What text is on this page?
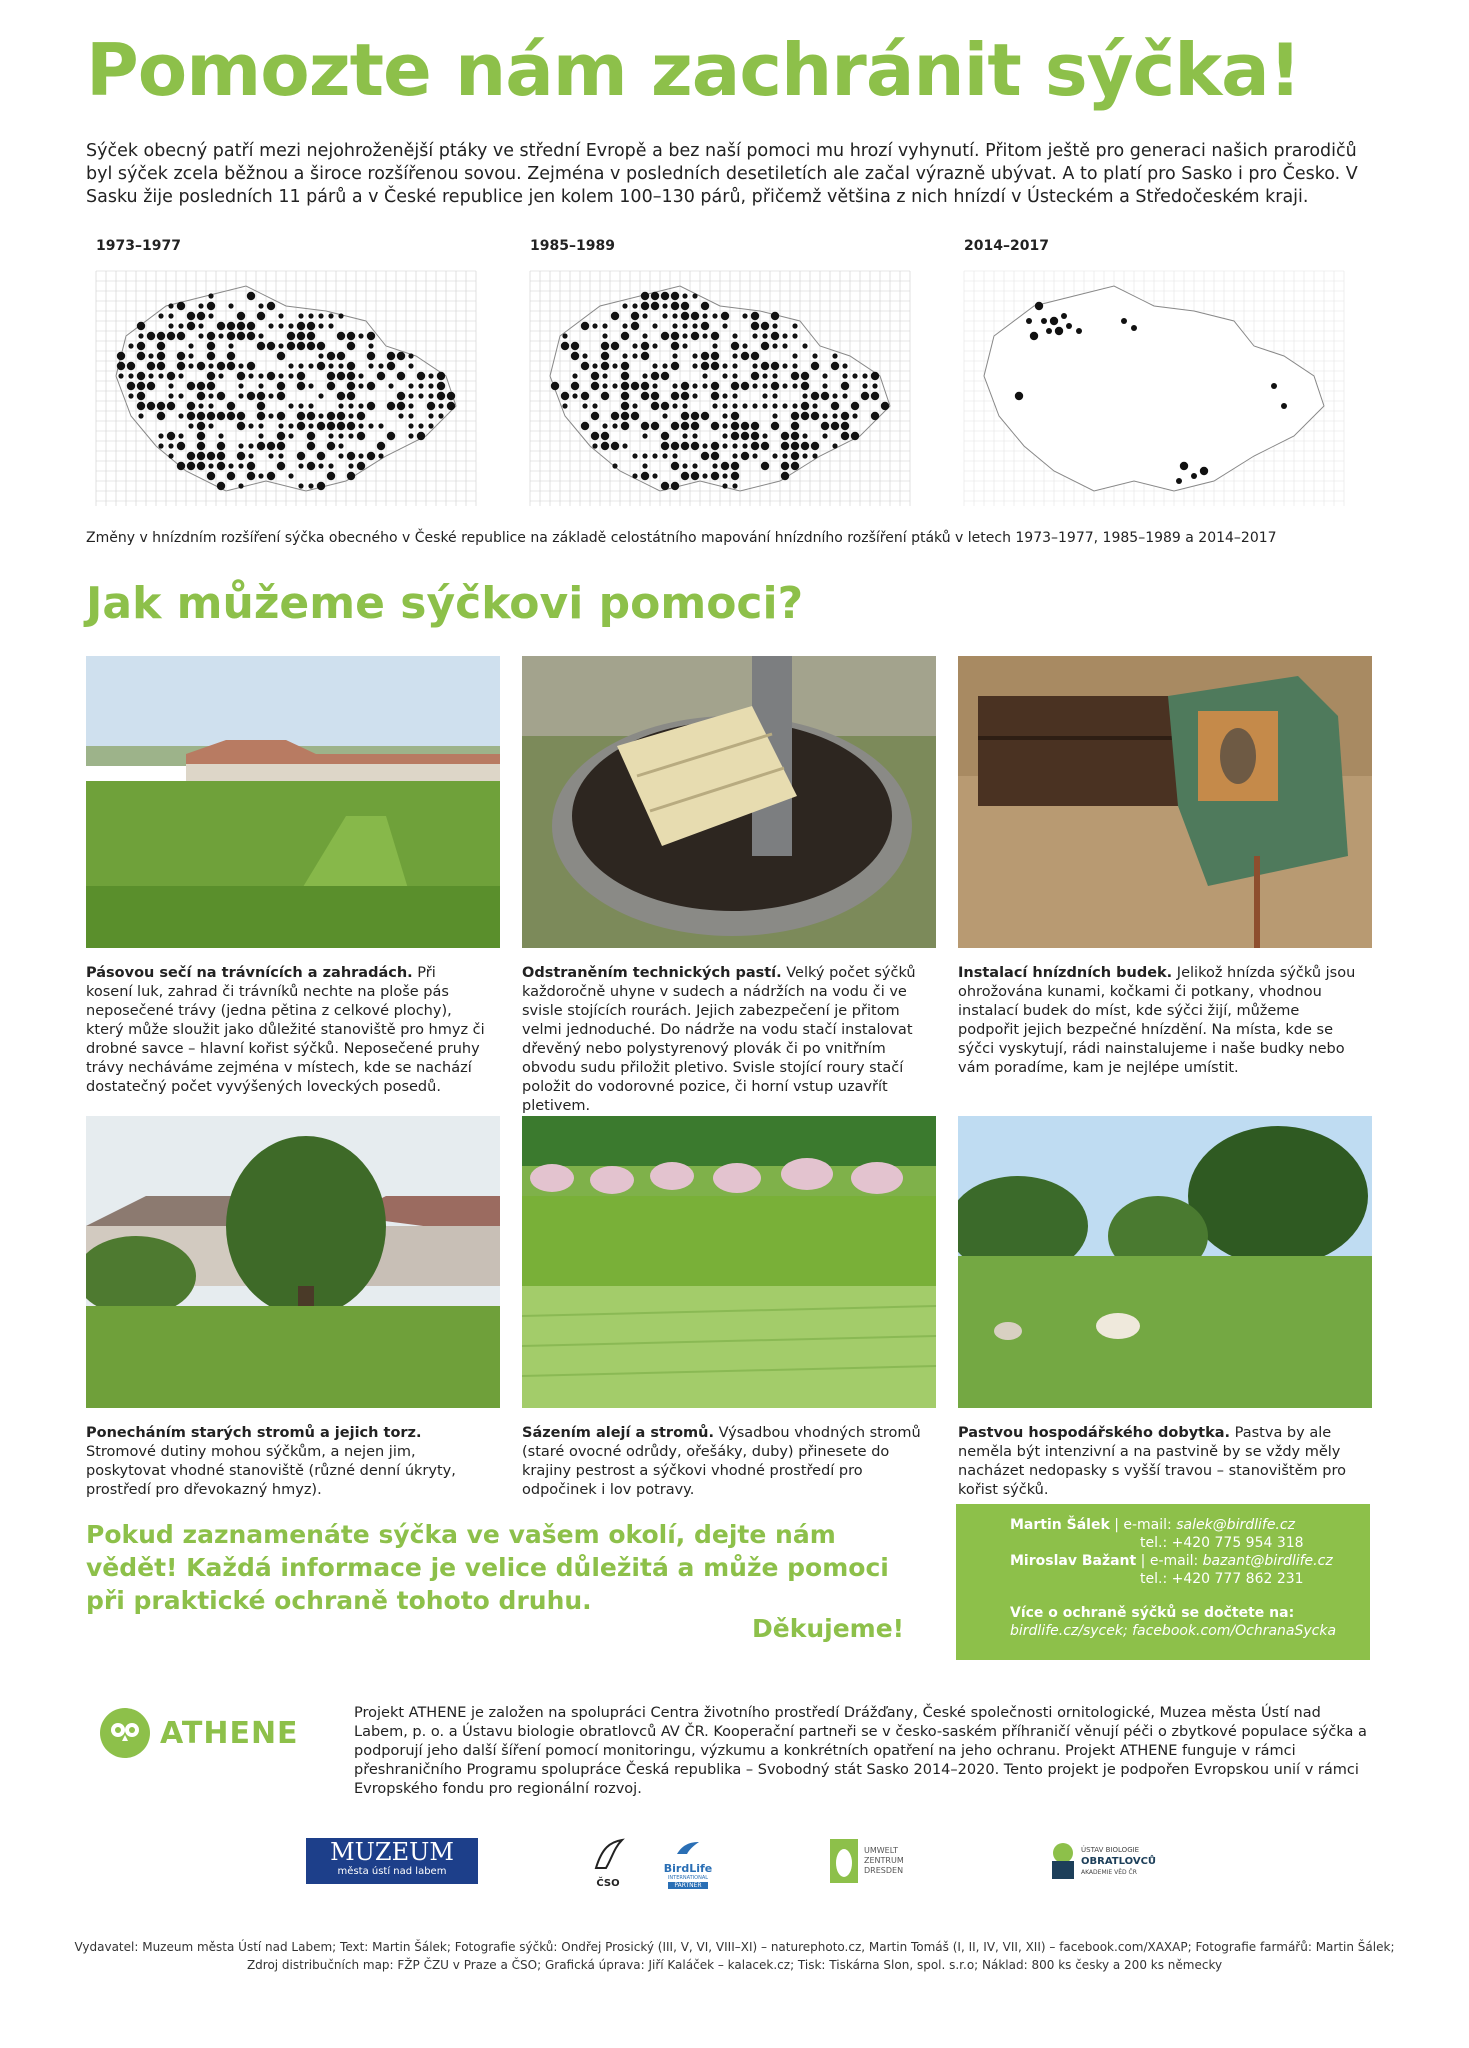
Pomozte nám zachránit sýčka!
Sýček obecný patří mezi nejohroženější ptáky ve střední Evropě a bez naší pomoci mu hrozí vyhynutí. Přitom ještě pro generaci našich prarodičů byl sýček zcela běžnou a široce rozšířenou sovou. Zejména v posledních desetiletích ale začal výrazně ubývat. A to platí pro Sasko i pro Česko. V Sasku žije posledních 11 párů a v České republice jen kolem 100–130 párů, přičemž většina z nich hnízdí v Ústeckém a Středočeském kraji.
1973–1977	1985–1989	2014–2017
Změny v hnízdním rozšíření sýčka obecného v České republice na základě celostátního mapování hnízdního rozšíření ptáků v letech 1973–1977, 1985–1989 a 2014–2017
Jak můžeme sýčkovi pomoci?
Pásovou sečí na trávnících a zahradách. Při kosení luk, zahrad či trávníků nechte na ploše pás neposečené trávy (jedna pětina z celkové plochy), který může sloužit jako důležité stanoviště pro hmyz či drobné savce – hlavní kořist sýčků. Neposečené pruhy trávy necháváme zejména v místech, kde se nachází dostatečný počet vyvýšených loveckých posedů.
Odstraněním technických pastí. Velký počet sýčků každoročně uhyne v sudech a nádržích na vodu či ve svisle stojících rourách. Jejich zabezpečení je přitom velmi jednoduché. Do nádrže na vodu stačí instalovat dřevěný nebo polystyrenový plovák či po vnitřním obvodu sudu přiložit pletivo. Svisle stojící roury stačí položit do vodorovné pozice, či horní vstup uzavřít pletivem.
Instalací hnízdních budek. Jelikož hnízda sýčků jsou ohrožována kunami, kočkami či potkany, vhodnou instalací budek do míst, kde sýčci žijí, můžeme podpořit jejich bezpečné hnízdění. Na místa, kde se sýčci vyskytují, rádi nainstalujeme i naše budky nebo vám poradíme, kam je nejlépe umístit.
Ponecháním starých stromů a jejich torz. Stromové dutiny mohou sýčkům, a nejen jim, poskytovat vhodné stanoviště (různé denní úkryty, prostředí pro dřevokazný hmyz).
Sázením alejí a stromů. Výsadbou vhodných stromů (staré ovocné odrůdy, ořešáky, duby) přinesete do krajiny pestrost a sýčkovi vhodné prostředí pro odpočinek i lov potravy.
Pastvou hospodářského dobytka. Pastva by ale neměla být intenzivní a na pastvině by se vždy měly nacházet nedopasky s vyšší travou – stanovištěm pro kořist sýčků.
Pokud zaznamenáte sýčka ve vašem okolí, dejte nám vědět! Každá informace je velice důležitá a může pomoci při praktické ochraně tohoto druhu.
Děkujeme!
Martin Šálek | e-mail: salek@birdlife.cz
tel.: +420 775 954 318
Miroslav Bažant | e-mail: bazant@birdlife.cz
tel.: +420 777 862 231
Více o ochraně sýčků se dočtete na:
birdlife.cz/sycek; facebook.com/OchranaSycka
ATHENE
Projekt ATHENE je založen na spolupráci Centra životního prostředí Drážďany, České společnosti ornitologické, Muzea města Ústí nad Labem, p. o. a Ústavu biologie obratlovců AV ČR. Kooperační partneři se v česko-saském příhraničí věnují péči o zbytkové populace sýčka a podporují jeho další šíření pomocí monitoringu, výzkumu a konkrétních opatření na jeho ochranu. Projekt ATHENE funguje v rámci přeshraničního Programu spolupráce Česká republika – Svobodný stát Sasko 2014–2020. Tento projekt je podpořen Evropskou unií v rámci Evropského fondu pro regionální rozvoj.
MUZEUM
města ústí nad labem
ČSO
BirdLife
INTERNATIONAL
PARTNER
UMWELT
ZENTRUM
DRESDEN
ÚSTAV BIOLOGIE
OBRATLOVCŮ
AKADEMIE VĚD ČR
Vydavatel: Muzeum města Ústí nad Labem; Text: Martin Šálek; Fotografie sýčků: Ondřej Prosický (III, V, VI, VIII–XI) – naturephoto.cz, Martin Tomáš (I, II, IV, VII, XII) – facebook.com/XAXAP; Fotografie farmářů: Martin Šálek;
Zdroj distribučních map: FŽP ČZU v Praze a ČSO; Grafická úprava: Jiří Kaláček – kalacek.cz; Tisk: Tiskárna Slon, spol. s.r.o; Náklad: 800 ks česky a 200 ks německy
